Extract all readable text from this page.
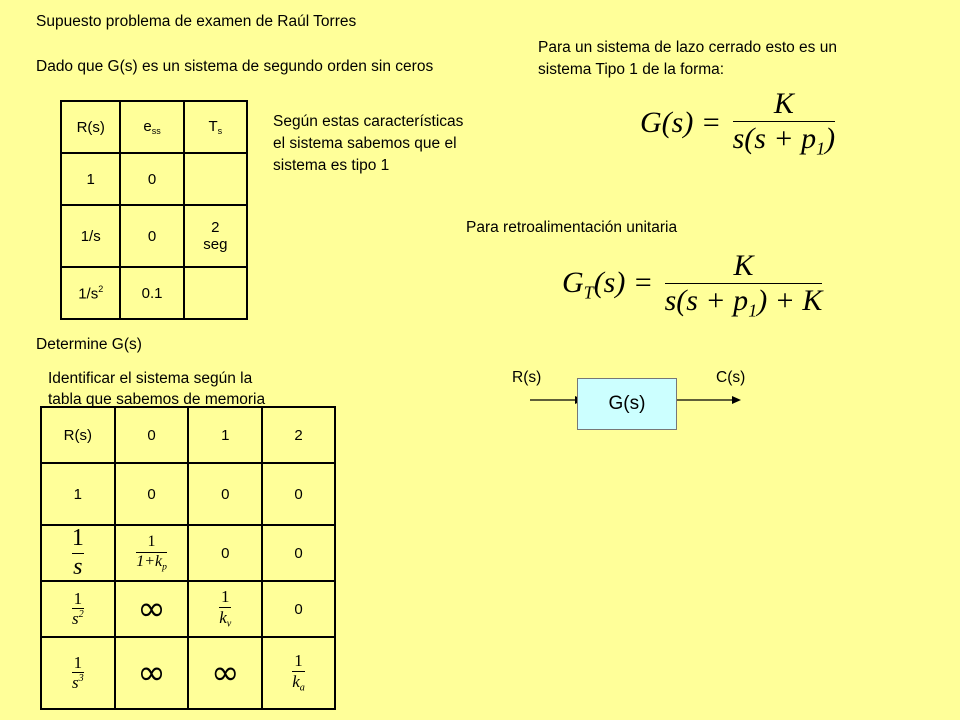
Supuesto problema de examen de Raúl Torres
Dado que G(s) es un sistema de segundo orden sin ceros
Para un sistema de lazo cerrado esto es un
sistema Tipo 1 de la forma:
Según estas características
el sistema sabemos que el
sistema es tipo 1
Para retroalimentación unitaria
Determine G(s)
Identificar el sistema según la
tabla que sabemos de memoria
R(s)	$e_{ss}$	$T_s$
1	0	
1/s	0	2
seg
$1/s^2$	0.1	
$G(s) = \frac{K}{s(s + p_1)}$
$G_T(s) = \frac{K}{s(s + p_1) + K}$
R(s)	C(s)
G(s)
R(s)	0	1	2
1	0	0	0

$\frac{1}{s}$	$\frac{1}{1+k_p}$	0	0

$\frac{1}{s^2}$	∞	$\frac{1}{k_v}$	0

$\frac{1}{s^3}$	∞	∞	$\frac{1}{k_a}$
